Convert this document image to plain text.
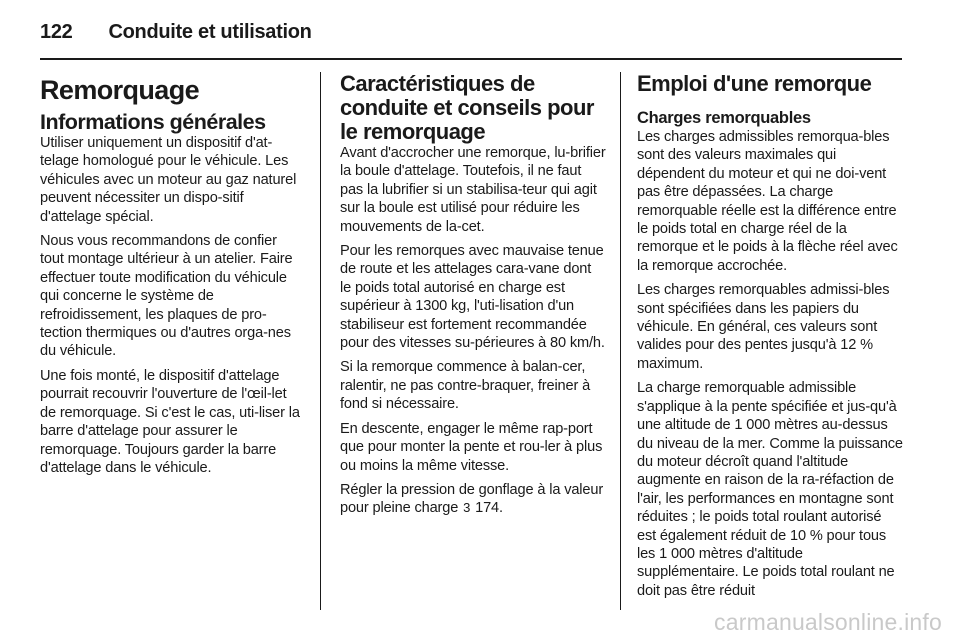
122 Conduite et utilisation
Remorquage
Informations générales

Utiliser uniquement un dispositif d'at-telage homologué pour le véhicule. Les véhicules avec un moteur au gaz naturel peuvent nécessiter un dispo-sitif d'attelage spécial.

Nous vous recommandons de confier tout montage ultérieur à un atelier. Faire effectuer toute modification du véhicule qui concerne le système de refroidissement, les plaques de pro-tection thermiques ou d'autres orga-nes du véhicule.

Une fois monté, le dispositif d'attelage pourrait recouvrir l'ouverture de l'œil-let de remorquage. Si c'est le cas, uti-liser la barre d'attelage pour assurer le remorquage. Toujours garder la barre d'attelage dans le véhicule.

Caractéristiques de conduite et conseils pour le remorquage

Avant d'accrocher une remorque, lu-brifier la boule d'attelage. Toutefois, il ne faut pas la lubrifier si un stabilisa-teur qui agit sur la boule est utilisé pour réduire les mouvements de la-cet.

Pour les remorques avec mauvaise tenue de route et les attelages cara-vane dont le poids total autorisé en charge est supérieur à 1300 kg, l'uti-lisation d'un stabiliseur est fortement recommandée pour des vitesses su-périeures à 80 km/h.

Si la remorque commence à balan-cer, ralentir, ne pas contre-braquer, freiner à fond si nécessaire.

En descente, engager le même rap-port que pour monter la pente et rou-ler à plus ou moins la même vitesse.

Régler la pression de gonflage à la valeur pour pleine charge 3 174.

Emploi d'une remorque
Charges remorquables

Les charges admissibles remorqua-bles sont des valeurs maximales qui dépendent du moteur et qui ne doi-vent pas être dépassées. La charge remorquable réelle est la différence entre le poids total en charge réel de la remorque et le poids à la flèche réel avec la remorque accrochée.

Les charges remorquables admissi-bles sont spécifiées dans les papiers du véhicule. En général, ces valeurs sont valides pour des pentes jusqu'à 12 % maximum.

La charge remorquable admissible s'applique à la pente spécifiée et jus-qu'à une altitude de 1 000 mètres au-dessus du niveau de la mer. Comme la puissance du moteur décroît quand l'altitude augmente en raison de la ra-réfaction de l'air, les performances en montagne sont réduites ; le poids total roulant autorisé est également réduit de 10 % pour tous les 1 000 mètres d'altitude supplémentaire. Le poids total roulant ne doit pas être réduit

carmanualsonline.info
